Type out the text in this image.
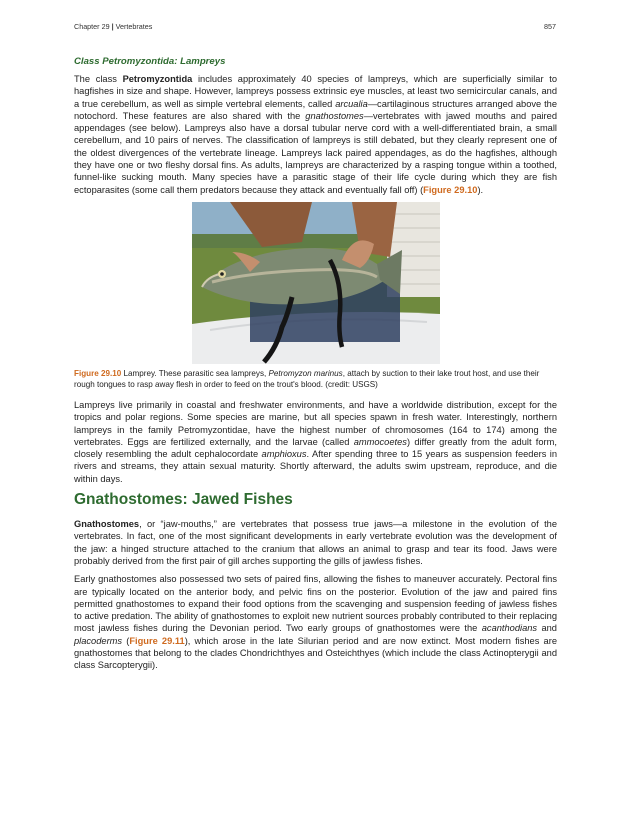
Chapter 29 | Vertebrates	857
Class Petromyzontida: Lampreys

The class Petromyzontida includes approximately 40 species of lampreys, which are superficially similar to hagfishes in size and shape. However, lampreys possess extrinsic eye muscles, at least two semicircular canals, and a true cerebellum, as well as simple vertebral elements, called arcualia—cartilaginous structures arranged above the notochord. These features are also shared with the gnathostomes—vertebrates with jawed mouths and paired appendages (see below). Lampreys also have a dorsal tubular nerve cord with a well-differentiated brain, a small cerebellum, and 10 pairs of nerves. The classification of lampreys is still debated, but they clearly represent one of the oldest divergences of the vertebrate lineage. Lampreys lack paired appendages, as do the hagfishes, although they have one or two fleshy dorsal fins. As adults, lampreys are characterized by a rasping tongue within a toothed, funnel-like sucking mouth. Many species have a parasitic stage of their life cycle during which they are fish ectoparasites (some call them predators because they attack and eventually fall off) (Figure 29.10).

Figure 29.10 Lamprey. These parasitic sea lampreys, Petromyzon marinus, attach by suction to their lake trout host, and use their rough tongues to rasp away flesh in order to feed on the trout's blood. (credit: USGS)

Lampreys live primarily in coastal and freshwater environments, and have a worldwide distribution, except for the tropics and polar regions. Some species are marine, but all species spawn in fresh water. Interestingly, northern lampreys in the family Petromyzontidae, have the highest number of chromosomes (164 to 174) among the vertebrates. Eggs are fertilized externally, and the larvae (called ammocoetes) differ greatly from the adult form, closely resembling the adult cephalocordate amphioxus. After spending three to 15 years as suspension feeders in rivers and streams, they attain sexual maturity. Shortly afterward, the adults swim upstream, reproduce, and die within days.

Gnathostomes: Jawed Fishes

Gnathostomes, or “jaw-mouths,” are vertebrates that possess true jaws—a milestone in the evolution of the vertebrates. In fact, one of the most significant developments in early vertebrate evolution was the development of the jaw: a hinged structure attached to the cranium that allows an animal to grasp and tear its food. Jaws were probably derived from the first pair of gill arches supporting the gills of jawless fishes.

Early gnathostomes also possessed two sets of paired fins, allowing the fishes to maneuver accurately. Pectoral fins are typically located on the anterior body, and pelvic fins on the posterior. Evolution of the jaw and paired fins permitted gnathostomes to expand their food options from the scavenging and suspension feeding of jawless fishes to active predation. The ability of gnathostomes to exploit new nutrient sources probably contributed to their replacing most jawless fishes during the Devonian period. Two early groups of gnathostomes were the acanthodians and placoderms (Figure 29.11), which arose in the late Silurian period and are now extinct. Most modern fishes are gnathostomes that belong to the clades Chondrichthyes and Osteichthyes (which include the class Actinopterygii and class Sarcopterygii).
